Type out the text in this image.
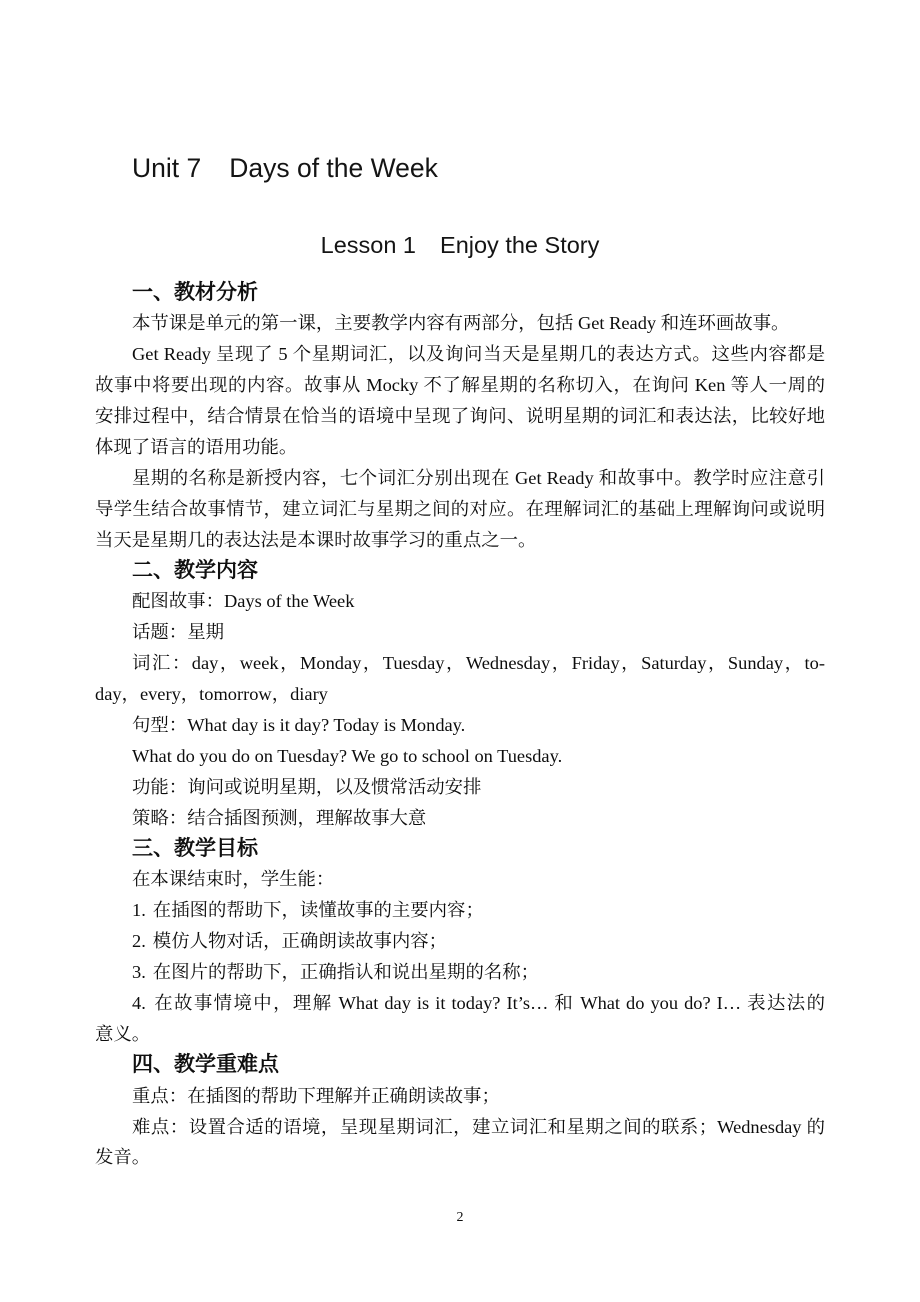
Unit 7 Days of the Week
Lesson 1 Enjoy the Story
一、教材分析
本节课是单元的第一课，主要教学内容有两部分，包括 Get Ready 和连环画故事。
Get Ready 呈现了 5 个星期词汇，以及询问当天是星期几的表达方式。这些内容都是
故事中将要出现的内容。故事从 Mocky 不了解星期的名称切入，在询问 Ken 等人一周的
安排过程中，结合情景在恰当的语境中呈现了询问、说明星期的词汇和表达法，比较好地
体现了语言的语用功能。
星期的名称是新授内容，七个词汇分别出现在 Get Ready 和故事中。教学时应注意引
导学生结合故事情节，建立词汇与星期之间的对应。在理解词汇的基础上理解询问或说明
当天是星期几的表达法是本课时故事学习的重点之一。
二、教学内容
配图故事：Days of the Week
话题：星期
词汇：day，week，Monday，Tuesday，Wednesday，Friday，Saturday，Sunday，to-
day，every，tomorrow，diary
句型：What day is it day? Today is Monday.
What do you do on Tuesday? We go to school on Tuesday.
功能：询问或说明星期，以及惯常活动安排
策略：结合插图预测，理解故事大意
三、教学目标
在本课结束时，学生能：
1. 在插图的帮助下，读懂故事的主要内容；
2. 模仿人物对话，正确朗读故事内容；
3. 在图片的帮助下，正确指认和说出星期的名称；
4. 在故事情境中，理解 What day is it today? It’s… 和 What do you do? I… 表达法的
意义。
四、教学重难点
重点：在插图的帮助下理解并正确朗读故事；
难点：设置合适的语境，呈现星期词汇，建立词汇和星期之间的联系；Wednesday 的
发音。
2
